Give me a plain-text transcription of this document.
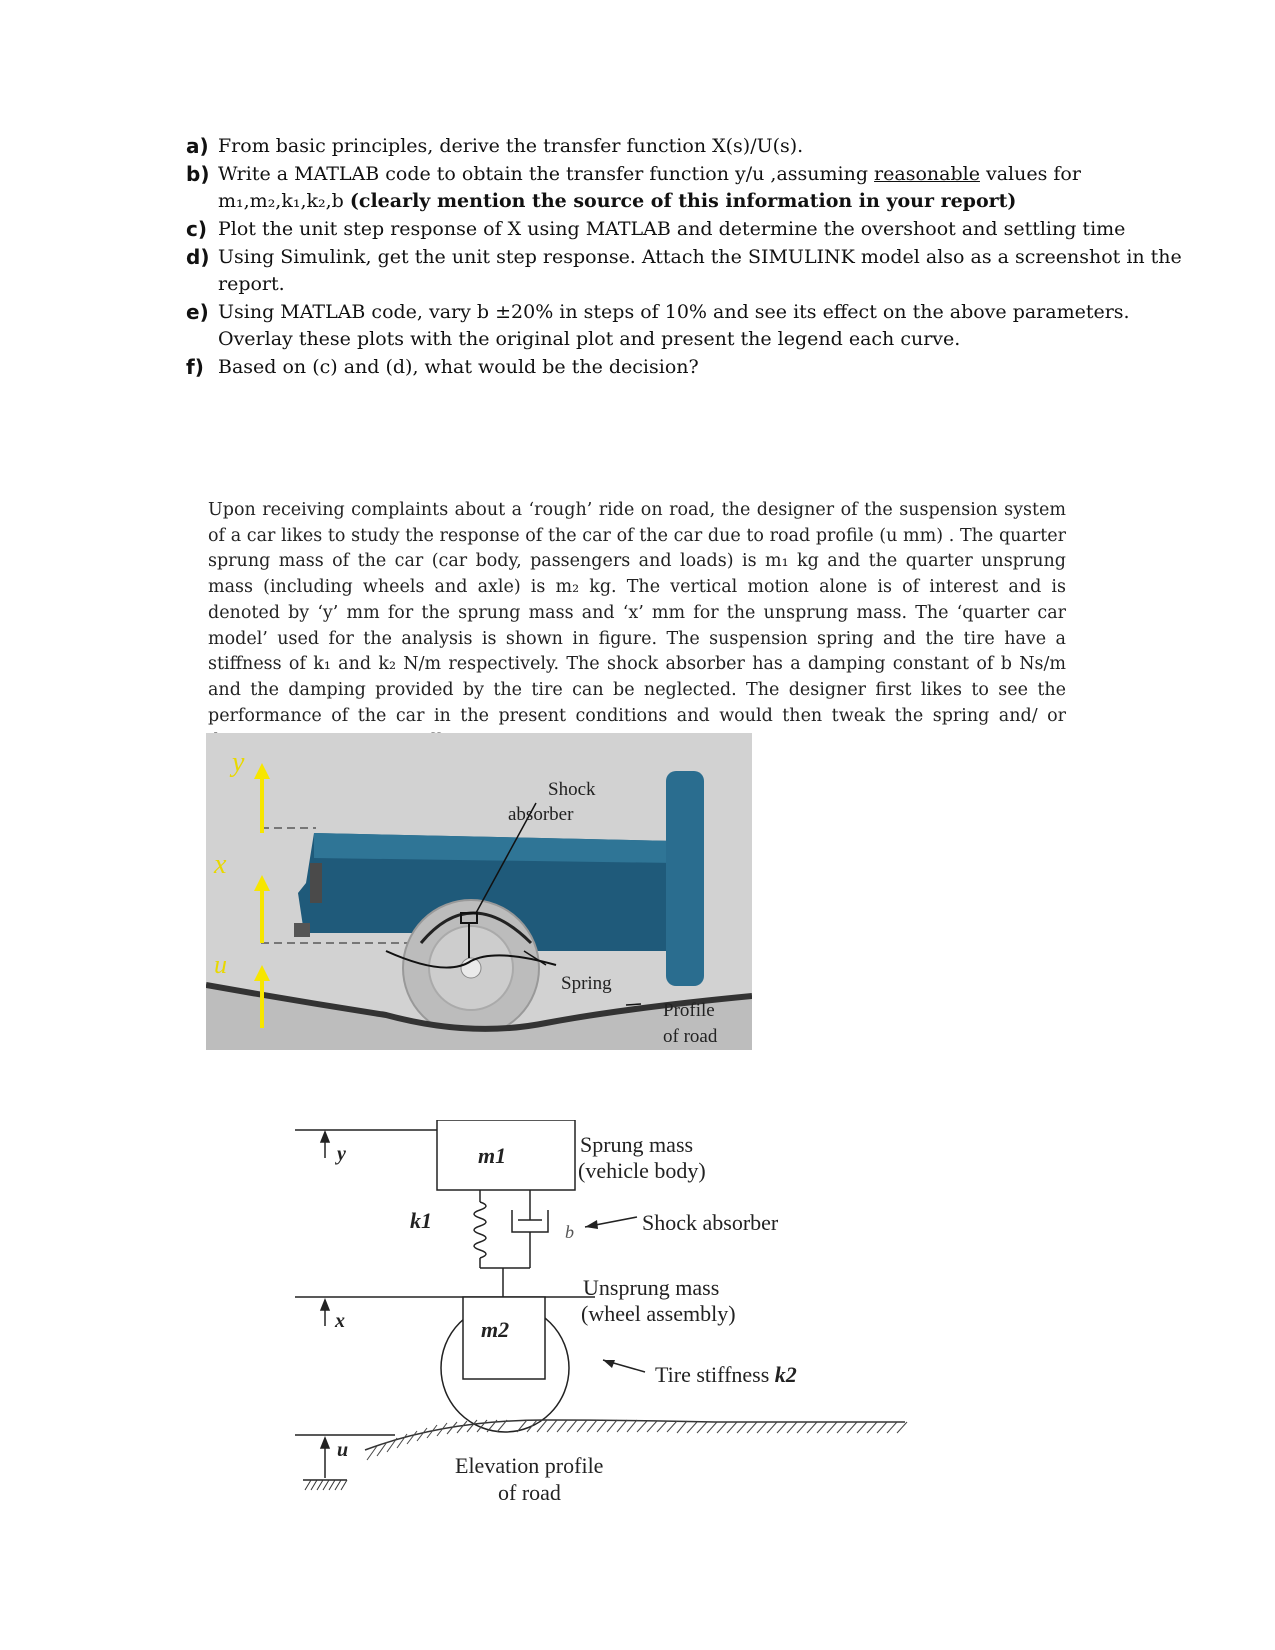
a) From basic principles, derive the transfer function X(s)/U(s).
b) Write a MATLAB code to obtain the transfer function y/u ,assuming reasonable values for
m₁,m₂,k₁,k₂,b (clearly mention the source of this information in your report)
c) Plot the unit step response of X using MATLAB and determine the overshoot and settling time
d) Using Simulink, get the unit step response. Attach the SIMULINK model also as a screenshot in the
report.
e) Using MATLAB code, vary b ±20% in steps of 10% and see its effect on the above parameters.
Overlay these plots with the original plot and present the legend each curve.
f) Based on (c) and (d), what would be the decision?
Upon receiving complaints about a ‘rough’ ride on road, the designer of the suspension system of a car likes to study the response of the car of the car due to road profile (u mm) . The quarter sprung mass of the car (car body, passengers and loads) is m₁ kg and the quarter unsprung mass (including wheels and axle) is m₂ kg. The vertical motion alone is of interest and is denoted by ‘y’ mm for the sprung mass and ‘x’ mm for the unsprung mass. The ‘quarter car model’ used for the analysis is shown in figure. The suspension spring and the tire have a stiffness of k₁ and k₂ N/m respectively. The shock absorber has a damping constant of b Ns/m and the damping provided by the tire can be neglected. The designer first likes to see the performance of the car in the present conditions and would then tweak the spring and/ or
y
x
u
Shock
absorber
Spring
Profile
of road
y
x
u
m1
m2
k1	b
Sprung mass
(vehicle body)
Shock absorber
Unsprung mass
(wheel assembly)
Tire stiffness k2
Elevation profile
of road
